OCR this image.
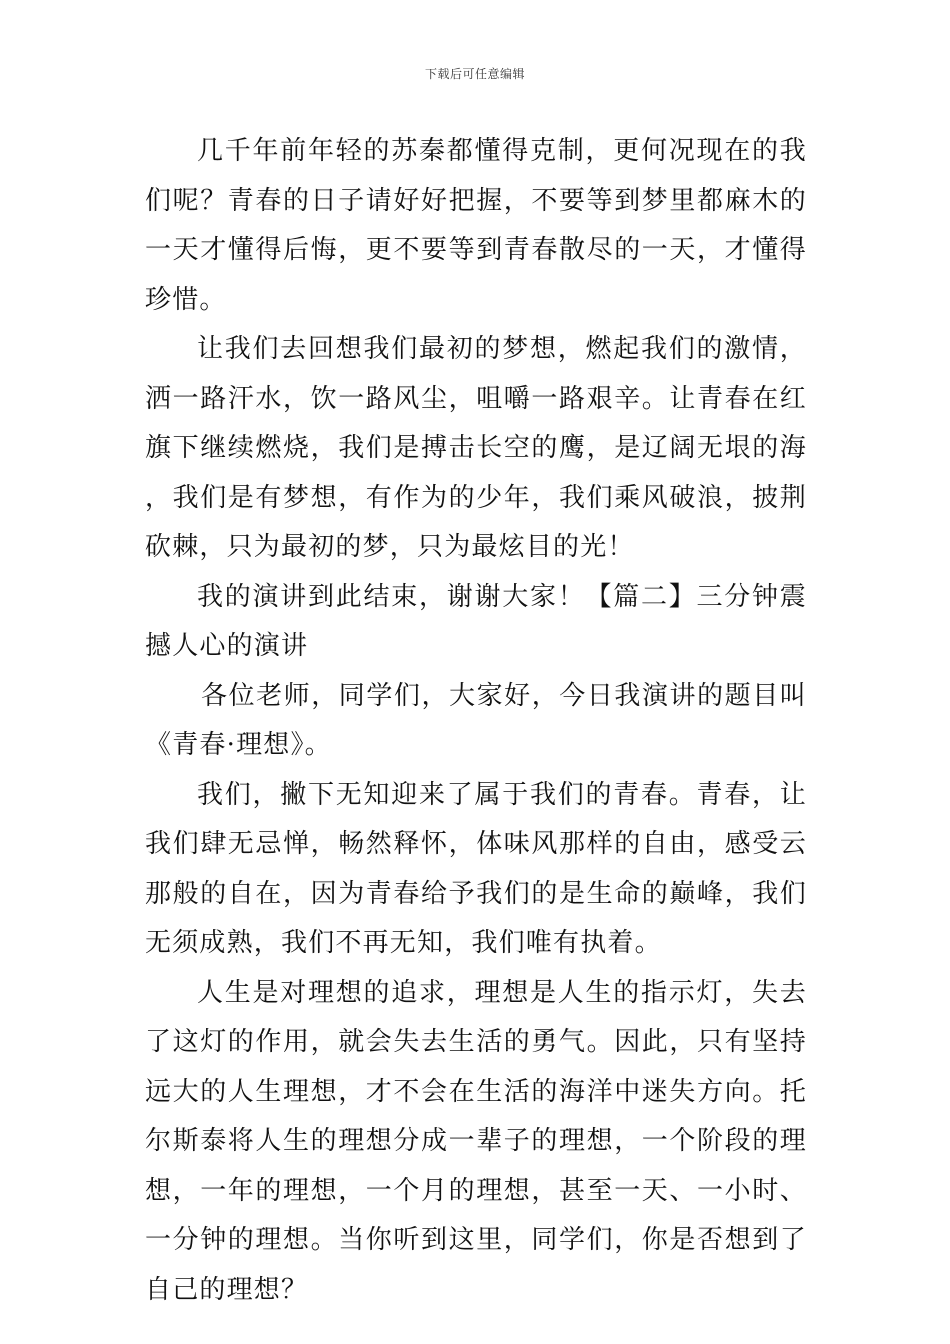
下载后可任意编辑

几千年前年轻的苏秦都懂得克制，更何况现在的我们呢？青春的日子请好好把握，不要等到梦里都麻木的一天才懂得后悔，更不要等到青春散尽的一天，才懂得珍惜。

让我们去回想我们最初的梦想，燃起我们的激情，洒一路汗水，饮一路风尘，咀嚼一路艰辛。让青春在红旗下继续燃烧，我们是搏击长空的鹰，是辽阔无垠的海，我们是有梦想，有作为的少年，我们乘风破浪，披荆砍棘，只为最初的梦，只为最炫目的光！

我的演讲到此结束，谢谢大家！【篇二】三分钟震撼人心的演讲

各位老师，同学们，大家好，今日我演讲的题目叫《青春·理想》。

我们，撇下无知迎来了属于我们的青春。青春，让我们肆无忌惮，畅然释怀，体味风那样的自由，感受云那般的自在，因为青春给予我们的是生命的巅峰，我们无须成熟，我们不再无知，我们唯有执着。

人生是对理想的追求，理想是人生的指示灯，失去了这灯的作用，就会失去生活的勇气。因此，只有坚持远大的人生理想，才不会在生活的海洋中迷失方向。托尔斯泰将人生的理想分成一辈子的理想，一个阶段的理想，一年的理想，一个月的理想，甚至一天、一小时、一分钟的理想。当你听到这里，同学们，你是否想到了自己的理想？
